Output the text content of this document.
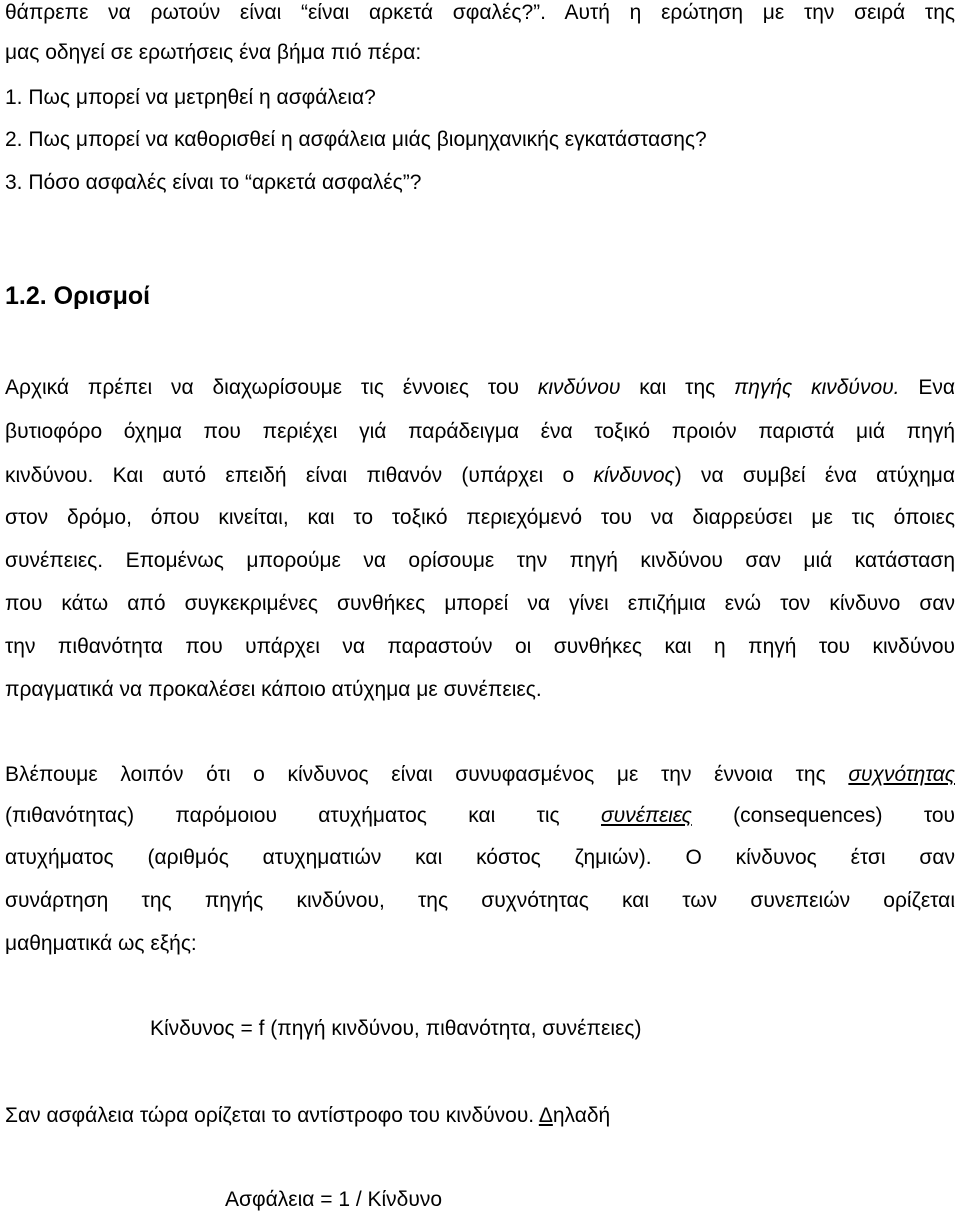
θάπρεπε να ρωτούν είναι “είναι αρκετά σφαλές?”. Αυτή η ερώτηση με την σειρά της
μας οδηγεί σε ερωτήσεις ένα βήμα πιό πέρα:
1. Πως μπορεί να μετρηθεί η ασφάλεια?
2. Πως μπορεί να καθορισθεί η ασφάλεια μιάς βιομηχανικής εγκατάστασης?
3. Πόσο ασφαλές είναι το “αρκετά ασφαλές”?
1.2. Ορισμοί
Αρχικά πρέπει να διαχωρίσουμε τις έννοιες του κινδύνου και της πηγής κινδύνου. Ενα
βυτιοφόρο όχημα που περιέχει γιά παράδειγμα ένα τοξικό προιόν παριστά μιά πηγή
κινδύνου. Και αυτό επειδή είναι πιθανόν (υπάρχει ο κίνδυνος) να συμβεί ένα ατύχημα
στον δρόμο, όπου κινείται, και το τοξικό περιεχόμενό του να διαρρεύσει με τις όποιες
συνέπειες. Επομένως μπορούμε να ορίσουμε την πηγή κινδύνου σαν μιά κατάσταση
που κάτω από συγκεκριμένες συνθήκες μπορεί να γίνει επιζήμια ενώ τον κίνδυνο σαν
την πιθανότητα που υπάρχει να παραστούν οι συνθήκες και η πηγή του κινδύνου
πραγματικά να προκαλέσει κάποιο ατύχημα με συνέπειες.
Βλέπουμε λοιπόν ότι ο κίνδυνος είναι συνυφασμένος με την έννοια της συχνότητας
(πιθανότητας) παρόμοιου ατυχήματος και τις συνέπειες (consequences) του
ατυχήματος (αριθμός ατυχηματιών και κόστος ζημιών). Ο κίνδυνος έτσι σαν
συνάρτηση της πηγής κινδύνου, της συχνότητας και των συνεπειών ορίζεται
μαθηματικά ως εξής:
Κίνδυνος = f (πηγή κινδύνου, πιθανότητα, συνέπειες)
Σαν ασφάλεια τώρα ορίζεται το αντίστροφο του κινδύνου. Δηλαδή
Ασφάλεια = 1 / Κίνδυνο
